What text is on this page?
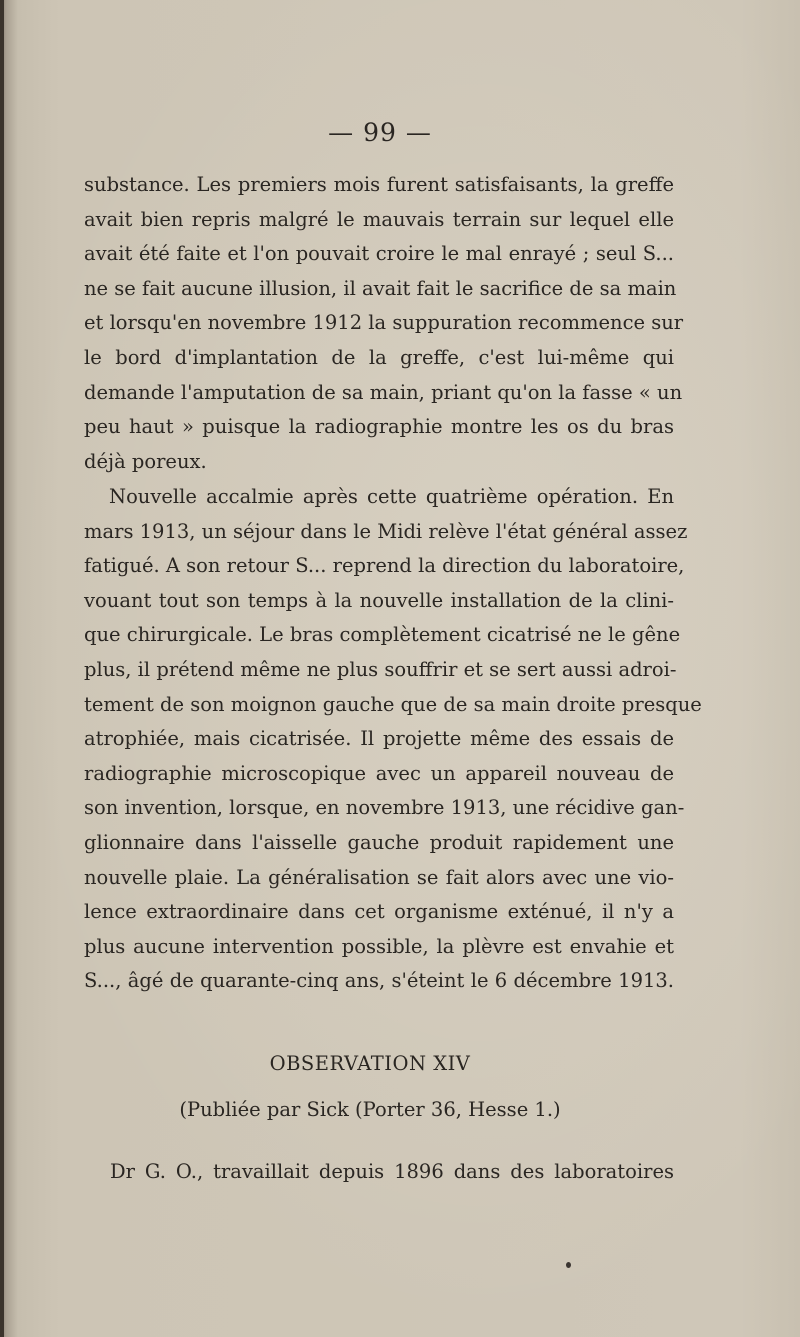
— 99 —
substance. Les premiers mois furent satisfaisants, la greffe
avait bien repris malgré le mauvais terrain sur lequel elle
avait été faite et l'on pouvait croire le mal enrayé ; seul S...
ne se fait aucune illusion, il avait fait le sacrifice de sa main
et lorsqu'en novembre 1912 la suppuration recommence sur
le bord d'implantation de la greffe, c'est lui-même qui
demande l'amputation de sa main, priant qu'on la fasse « un
peu haut » puisque la radiographie montre les os du bras
déjà poreux.
Nouvelle accalmie après cette quatrième opération. En
mars 1913, un séjour dans le Midi relève l'état général assez
fatigué. A son retour S... reprend la direction du laboratoire,
vouant tout son temps à la nouvelle installation de la clini-
que chirurgicale. Le bras complètement cicatrisé ne le gêne
plus, il prétend même ne plus souffrir et se sert aussi adroi-
tement de son moignon gauche que de sa main droite presque
atrophiée, mais cicatrisée. Il projette même des essais de
radiographie microscopique avec un appareil nouveau de
son invention, lorsque, en novembre 1913, une récidive gan-
glionnaire dans l'aisselle gauche produit rapidement une
nouvelle plaie. La généralisation se fait alors avec une vio-
lence extraordinaire dans cet organisme exténué, il n'y a
plus aucune intervention possible, la plèvre est envahie et
S..., âgé de quarante-cinq ans, s'éteint le 6 décembre 1913.
OBSERVATION XIV
(Publiée par Sick (Porter 36, Hesse 1.)
Dr G. O., travaillait depuis 1896 dans des laboratoires
